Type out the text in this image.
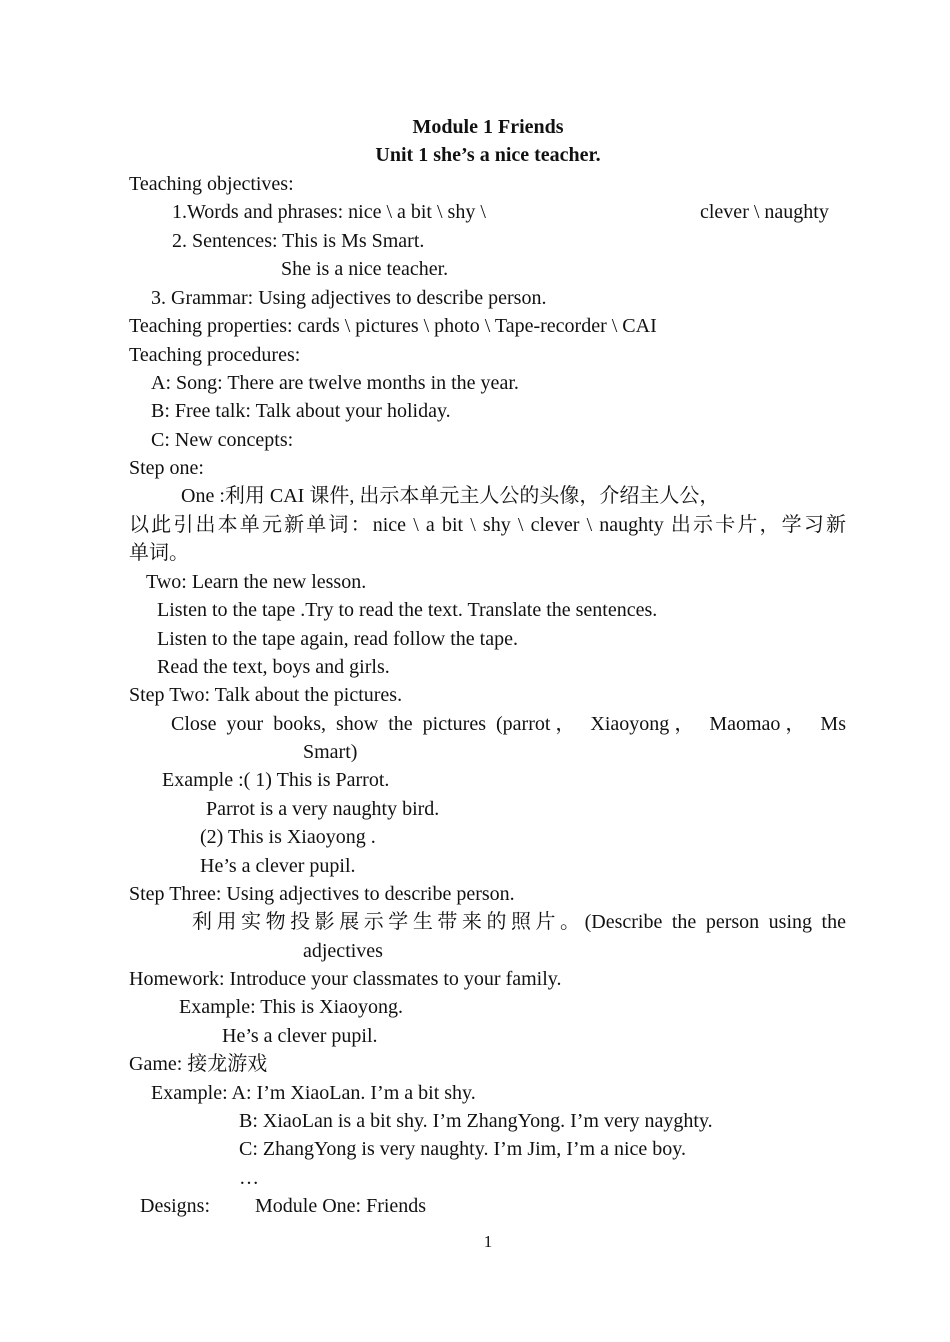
Module 1 Friends
Unit 1 she’s a nice teacher.
Teaching objectives:
1.Words and phrases: nice \ a bit \ shy \	clever \ naughty
2. Sentences: This is Ms Smart.
She is a nice teacher.
3. Grammar: Using adjectives to describe person.
Teaching properties: cards \ pictures \ photo \ Tape-recorder \ CAI
Teaching procedures:
A: Song: There are twelve months in the year.
B: Free talk: Talk about your holiday.
C: New concepts:
Step one:
One :利用 CAI 课件, 出示本单元主人公的头像，介绍主人公，
以此引出本单元新单词：nice \ a bit \ shy \ clever \ naughty 出示卡片，学习新
单词。
Two: Learn the new lesson.
Listen to the tape .Try to read the text. Translate the sentences.
Listen to the tape again, read follow the tape.
Read the text, boys and girls.
Step Two: Talk about the pictures.
Close your books, show the pictures (parrot， Xiaoyong， Maomao， Ms
Smart)
Example :( 1) This is Parrot.
Parrot is a very naughty bird.
(2) This is Xiaoyong .
He’s a clever pupil.
Step Three: Using adjectives to describe person.
利用实物投影展示学生带来的照片。(Describe the person using the
adjectives
Homework: Introduce your classmates to your family.
Example: This is Xiaoyong.
He’s a clever pupil.
Game: 接龙游戏
Example: A: I’m XiaoLan. I’m a bit shy.
B: XiaoLan is a bit shy. I’m ZhangYong. I’m very nayghty.
C: ZhangYong is very naughty. I’m Jim, I’m a nice boy.
…
Designs: Module One: Friends
1
